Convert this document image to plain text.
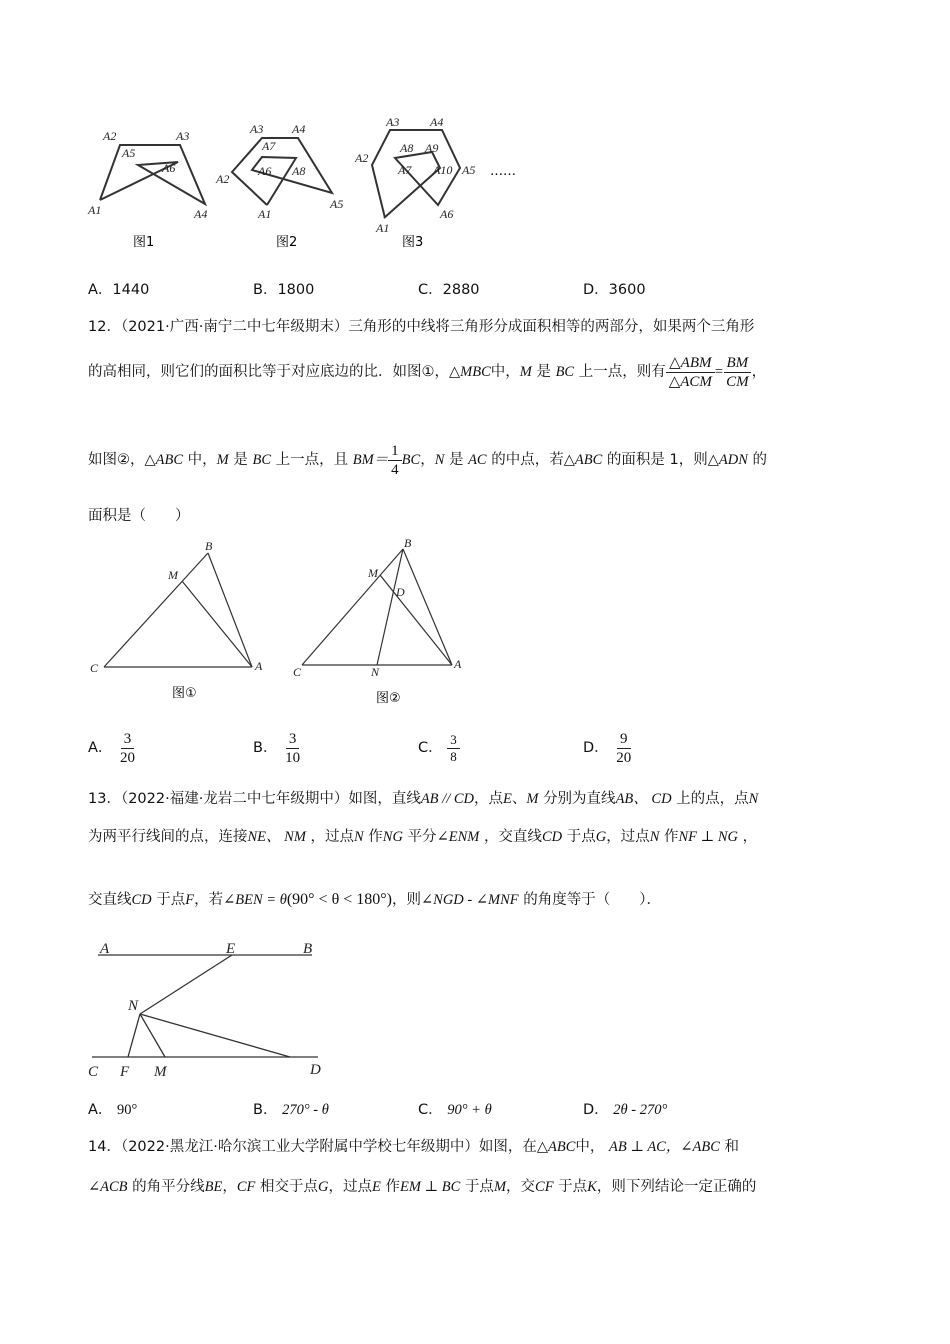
A2	A3
A5
A6
A1	A4
图1
A3 A4
A7
A2
A6 A8
A5
A1
图2
A3	A4
A2
A8 A9
A7 A10 A5
A1
A6
图3
……
A．1440	B．1800	C．2880	D．3600
12．（2021·广西·南宁二中七年级期末）三角形的中线将三角形分成面积相等的两部分，如果两个三角形
的高相同，则它们的面积比等于对应底边的比．如图①，△ MBC 中， M
是
BC
上一点，则有 $\frac{\text{△ABM}}{\text{△ACM}} = \frac{BM}{CM}$ ，
如图②，△ ABC
中， M
是
BC
上一点，且
$BM= \frac{1}{4}$ BC ， N
是
AC
的中点，若△ ABC
的面积是 1，则△ ADN
的
面积是（　　）
B
M
C	A
图①
B
M
D
C	N
A
图②
A．
$\frac{3}{20}$	B．
$\frac{3}{10}$	C．
$\frac{3}{8}$	D．
$\frac{9}{20}$
13．（2022·福建·龙岩二中七年级期中）如图，直线AB // CD，点E、M 分别为直线AB、 CD 上的点，点N
为两平行线间的点，连接NE、 NM ，过点N 作NG 平分∠ENM ，交直线CD 于点G，过点N 作NF ⊥ NG ，
交直线 CD
于点 F ，若 ∠BEN = θ (90° < θ < 180°) ，则 ∠NGD - ∠MNF
的角度等于（　　）．
A	E	B
N
C F M	D
A． 90°	B． 270° - θ	C． 90° + θ	D． 2θ - 270°
14．（2022·黑龙江·哈尔滨工业大学附属中学校七年级期中）如图，在△ABC中， AB ⊥ AC，∠ABC 和
∠ACB 的角平分线BE，CF 相交于点G，过点E 作EM ⊥ BC 于点M，交CF 于点K，则下列结论一定正确的
